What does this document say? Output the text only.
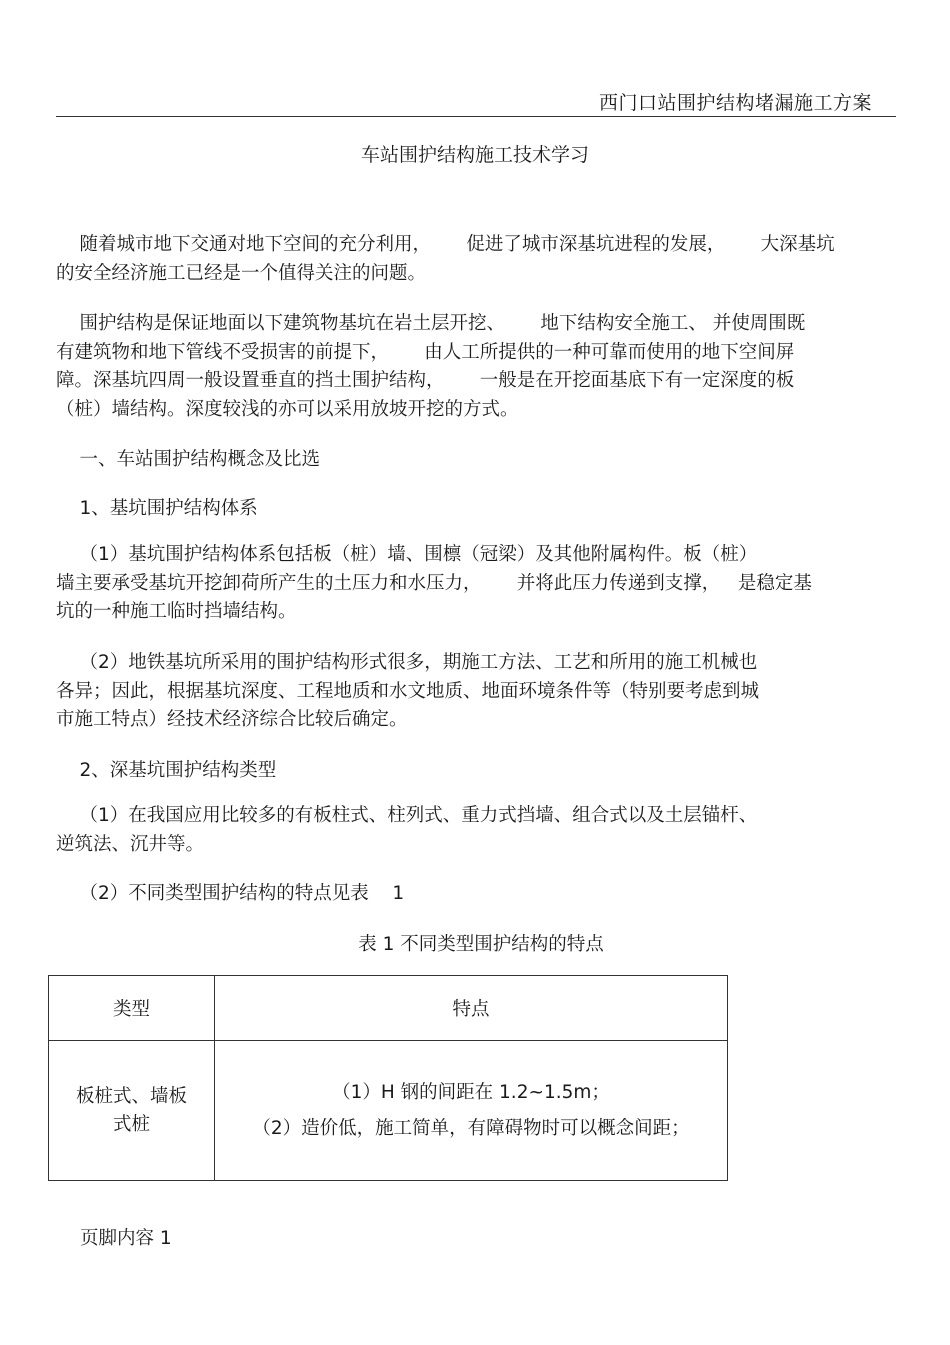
西门口站围护结构堵漏施工方案
车站围护结构施工技术学习
随着城市地下交通对地下空间的充分利用，      促进了城市深基坑进程的发展，      大深基坑
的安全经济施工已经是一个值得关注的问题。
围护结构是保证地面以下建筑物基坑在岩土层开挖、      地下结构安全施工、 并使周围既
有建筑物和地下管线不受损害的前提下，      由人工所提供的一种可靠而使用的地下空间屏
障。深基坑四周一般设置垂直的挡土围护结构，      一般是在开挖面基底下有一定深度的板
（桩）墙结构。深度较浅的亦可以采用放坡开挖的方式。
一、车站围护结构概念及比选
1、基坑围护结构体系
（1）基坑围护结构体系包括板（桩）墙、围檩（冠梁）及其他附属构件。板（桩）
墙主要承受基坑开挖卸荷所产生的土压力和水压力，      并将此压力传递到支撑，   是稳定基
坑的一种施工临时挡墙结构。
（2）地铁基坑所采用的围护结构形式很多，期施工方法、工艺和所用的施工机械也
各异；因此，根据基坑深度、工程地质和水文地质、地面环境条件等（特别要考虑到城
市施工特点）经技术经济综合比较后确定。
2、深基坑围护结构类型
（1）在我国应用比较多的有板柱式、柱列式、重力式挡墙、组合式以及土层锚杆、
逆筑法、沉井等。
（2）不同类型围护结构的特点见表    1
表 1 不同类型围护结构的特点
类型	特点

板桩式、墙板
式桩	（1）H 钢的间距在 1.2~1.5m；
（2）造价低，施工简单，有障碍物时可以概念间距；
页脚内容 1
